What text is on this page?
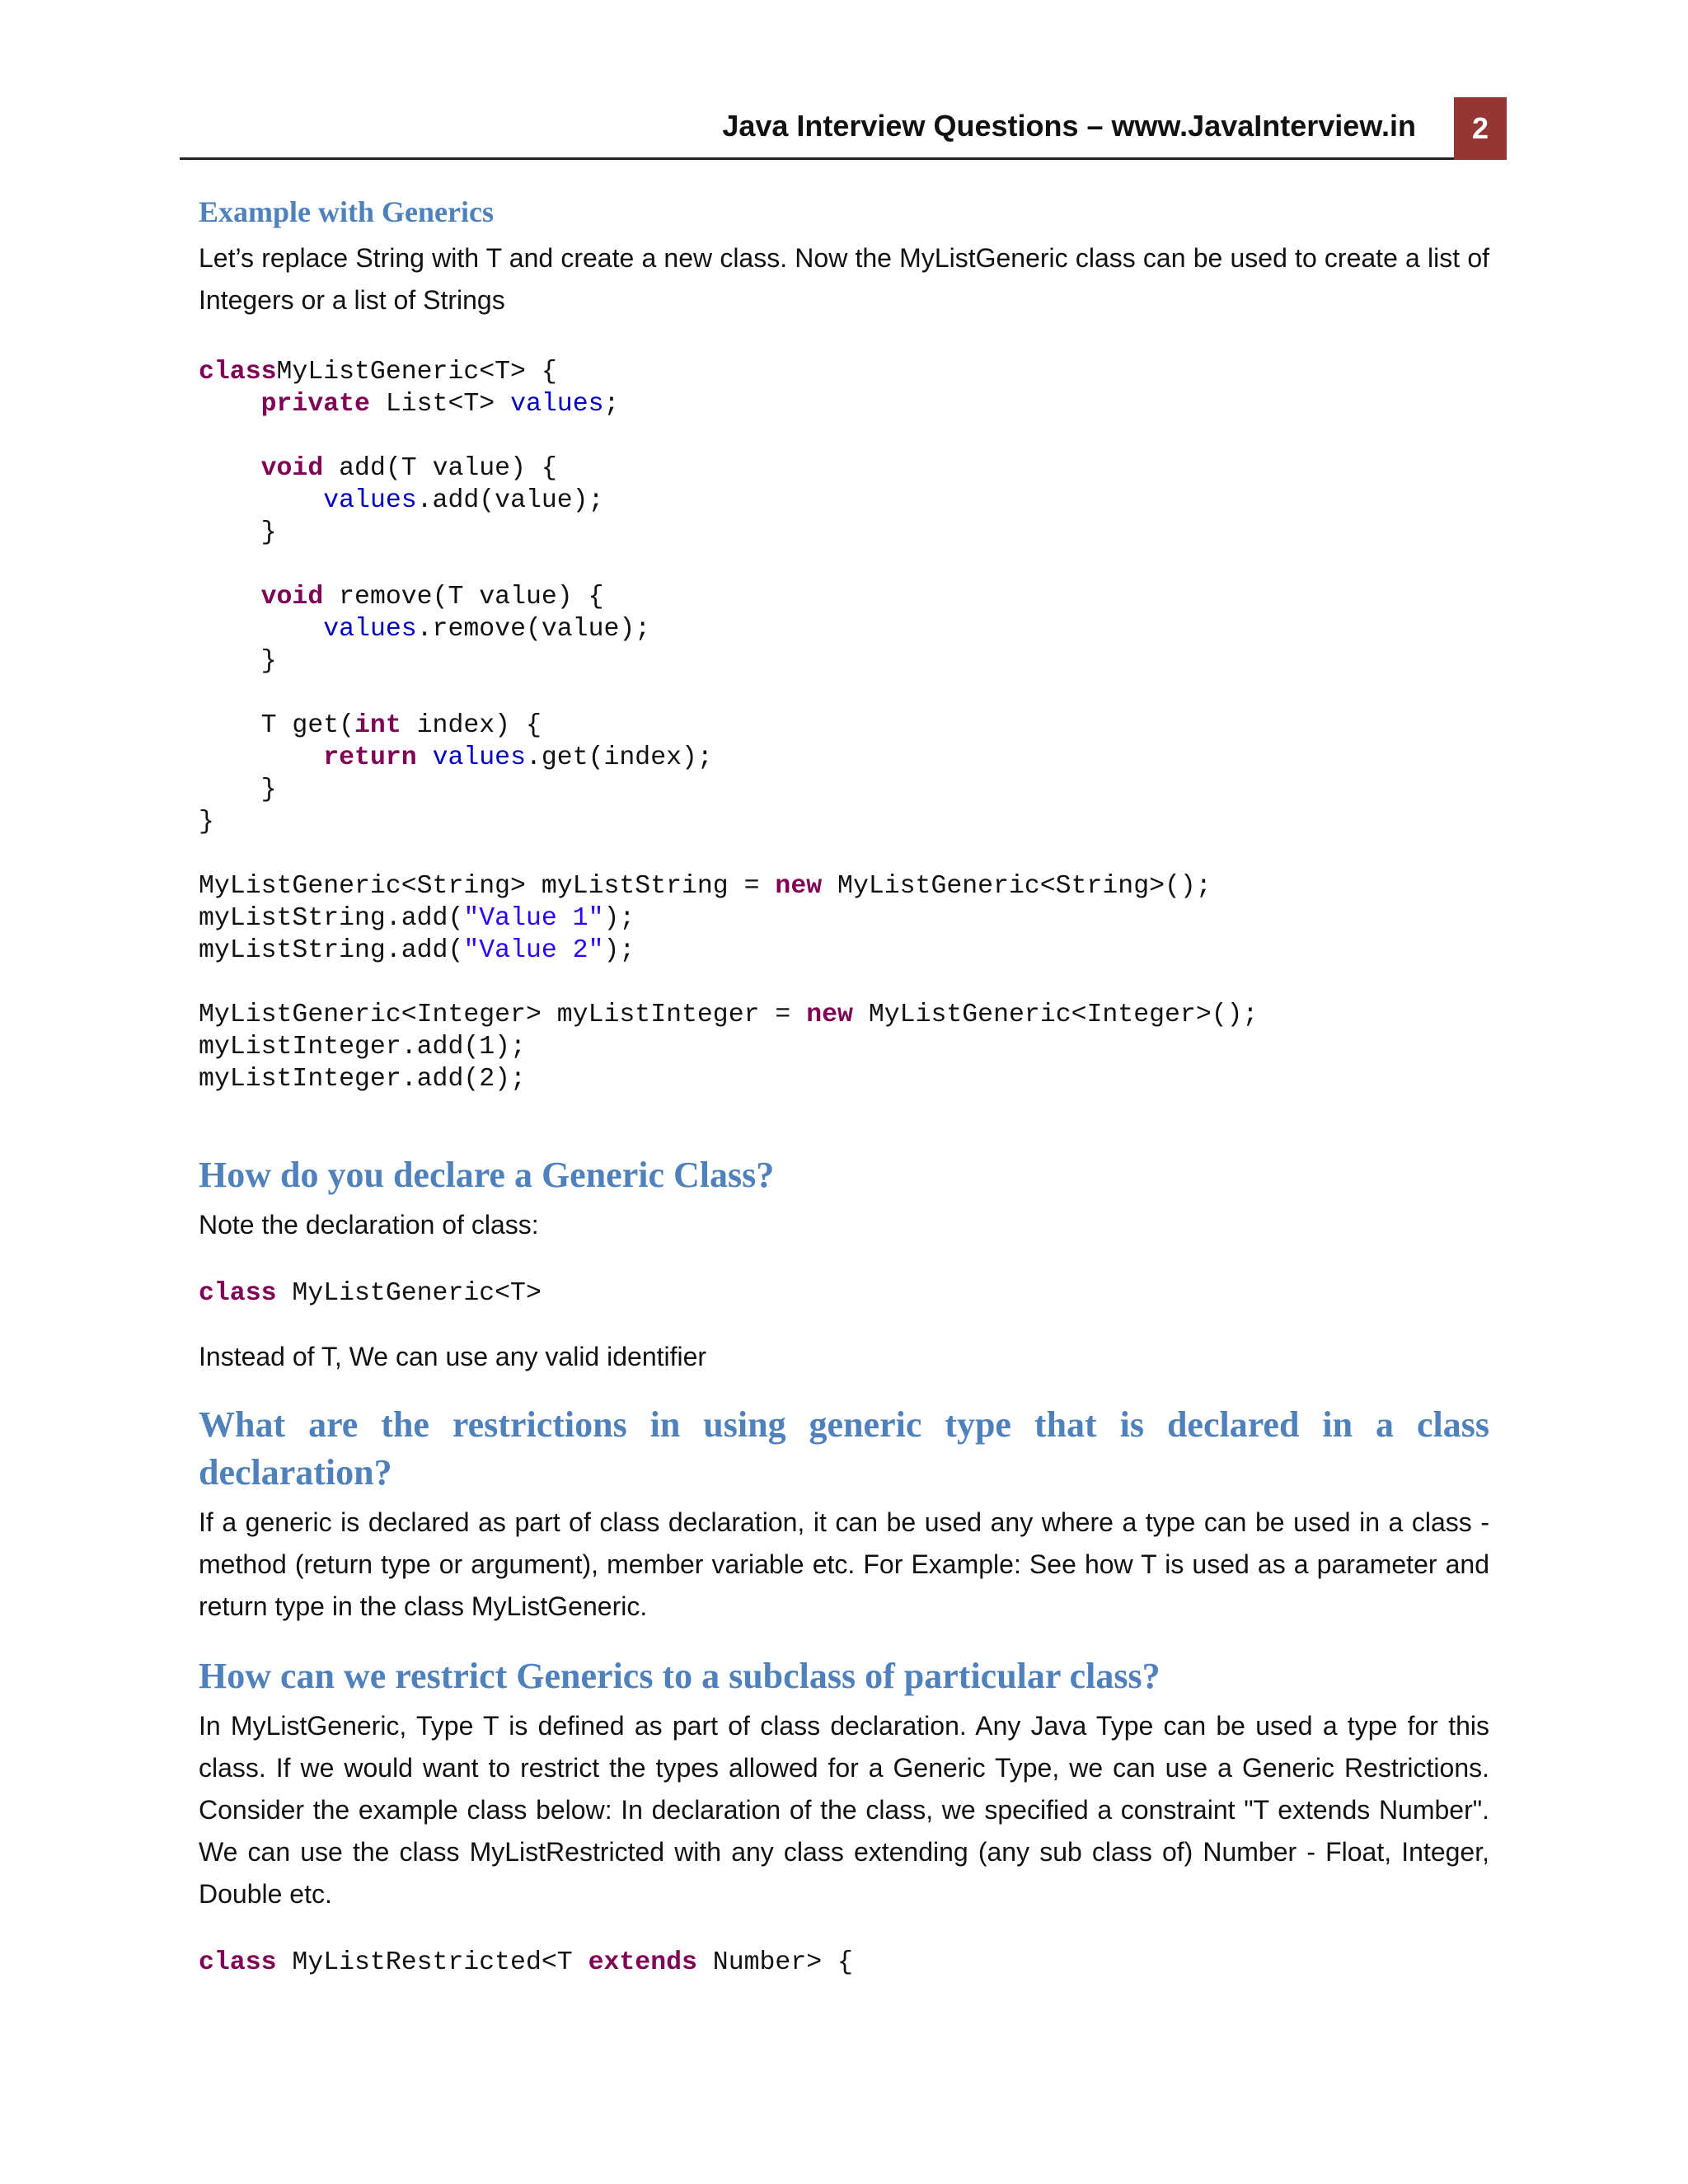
Java Interview Questions – www.JavaInterview.in	2
Example with Generics

Let’s replace String with T and create a new class. Now the MyListGeneric class can be used to create a list of Integers or a list of Strings

classMyListGeneric<T> {
private List<T> values;
void add(T value) {
values.add(value);
}
void remove(T value) {
values.remove(value);
}
T get(int index) {
return values.get(index);
}
}
MyListGeneric<String> myListString = new MyListGeneric<String>();
myListString.add("Value 1");
myListString.add("Value 2");
MyListGeneric<Integer> myListInteger = new MyListGeneric<Integer>();
myListInteger.add(1);
myListInteger.add(2);
How do you declare a Generic Class?

Note the declaration of class:

class MyListGeneric<T>

Instead of T, We can use any valid identifier

What are the restrictions in using generic type that is declared in a class declaration?

If a generic is declared as part of class declaration, it can be used any where a type can be used in a class - method (return type or argument), member variable etc. For Example: See how T is used as a parameter and return type in the class MyListGeneric.

How can we restrict Generics to a subclass of particular class?

In MyListGeneric, Type T is defined as part of class declaration. Any Java Type can be used a type for this class. If we would want to restrict the types allowed for a Generic Type, we can use a Generic Restrictions. Consider the example class below: In declaration of the class, we specified a constraint "T extends Number". We can use the class MyListRestricted with any class extending (any sub class of) Number - Float, Integer, Double etc.

class MyListRestricted<T extends Number> {
